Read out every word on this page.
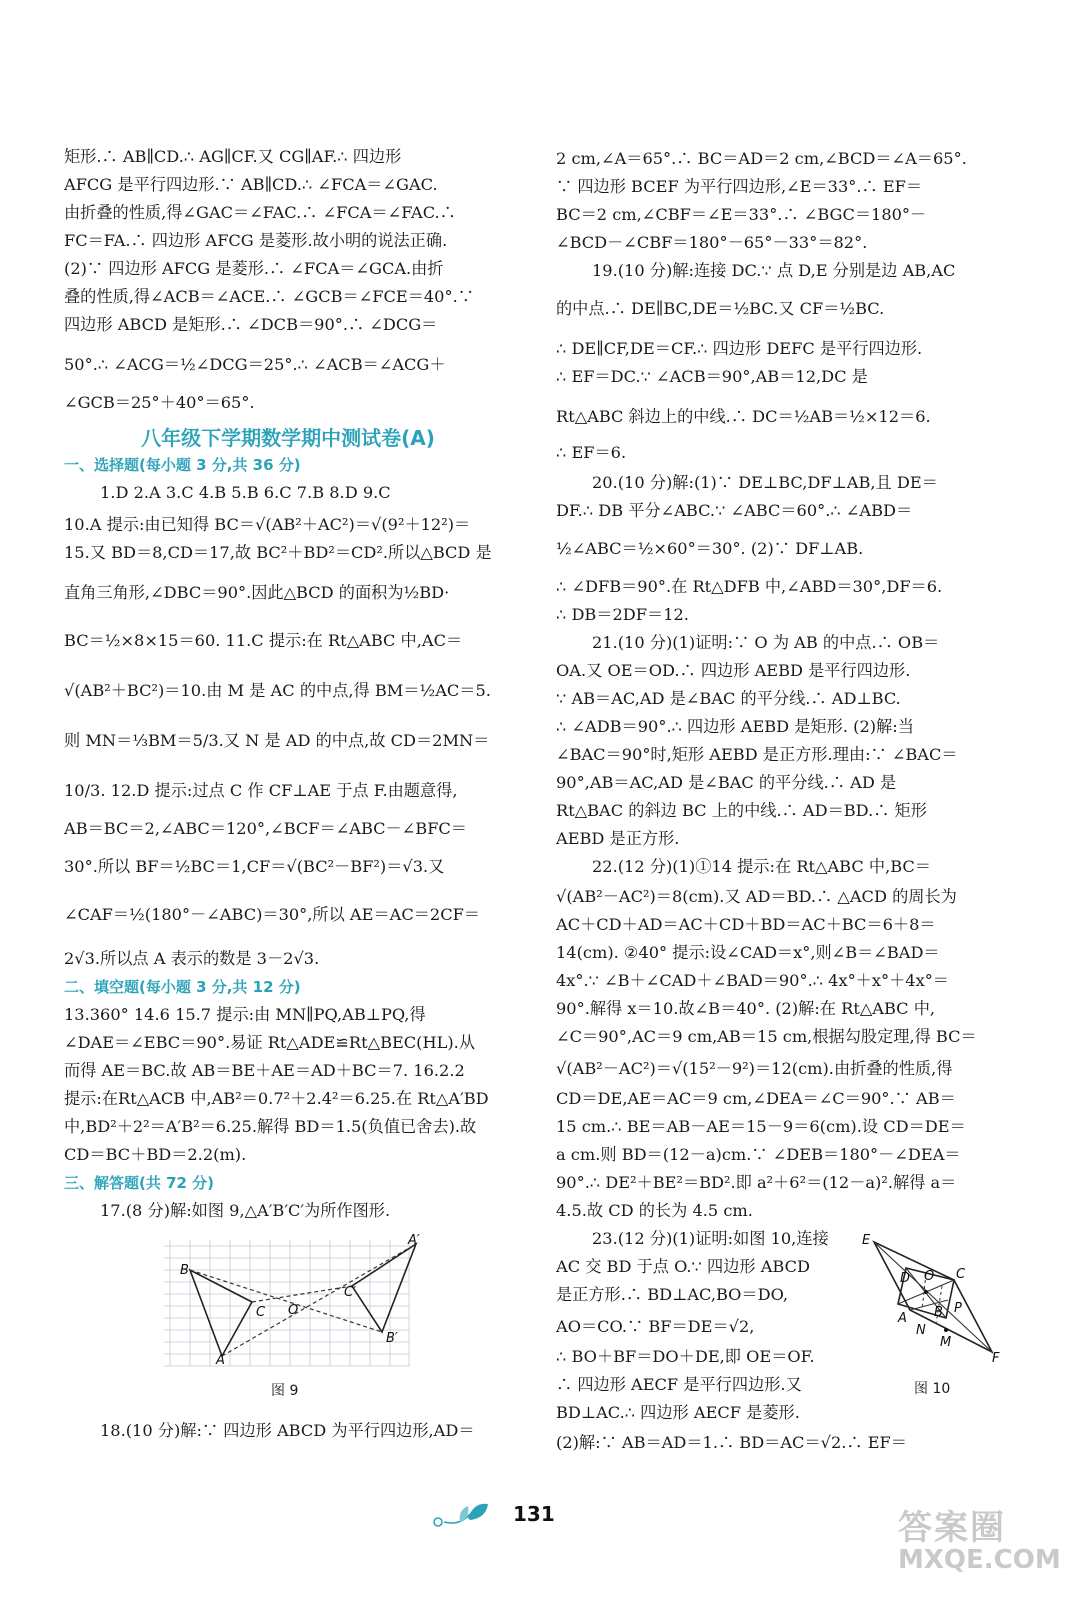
矩形.∴ AB∥CD.∴ AG∥CF.又 CG∥AF.∴ 四边形
AFCG 是平行四边形.∵ AB∥CD.∴ ∠FCA＝∠GAC.
由折叠的性质,得∠GAC＝∠FAC.∴ ∠FCA＝∠FAC.∴
FC＝FA.∴ 四边形 AFCG 是菱形.故小明的说法正确.
(2)∵ 四边形 AFCG 是菱形.∴ ∠FCA＝∠GCA.由折
叠的性质,得∠ACB＝∠ACE.∴ ∠GCB＝∠FCE＝40°.∵
四边形 ABCD 是矩形.∴ ∠DCB＝90°.∴ ∠DCG＝
50°.∴ ∠ACG＝½∠DCG＝25°.∴ ∠ACB＝∠ACG＋
∠GCB＝25°＋40°＝65°.
八年级下学期数学期中测试卷(A)
一、选择题(每小题 3 分,共 36 分)
1.D 2.A 3.C 4.B 5.B 6.C 7.B 8.D 9.C
10.A 提示:由已知得 BC＝√(AB²＋AC²)＝√(9²＋12²)＝
15.又 BD＝8,CD＝17,故 BC²＋BD²＝CD².所以△BCD 是
直角三角形,∠DBC＝90°.因此△BCD 的面积为½BD·
BC＝½×8×15＝60. 11.C 提示:在 Rt△ABC 中,AC＝
√(AB²＋BC²)＝10.由 M 是 AC 的中点,得 BM＝½AC＝5.
则 MN＝⅓BM＝5/3.又 N 是 AD 的中点,故 CD＝2MN＝
10/3. 12.D 提示:过点 C 作 CF⊥AE 于点 F.由题意得,
AB＝BC＝2,∠ABC＝120°,∠BCF＝∠ABC－∠BFC＝
30°.所以 BF＝½BC＝1,CF＝√(BC²－BF²)＝√3.又
∠CAF＝½(180°－∠ABC)＝30°,所以 AE＝AC＝2CF＝
2√3.所以点 A 表示的数是 3－2√3.
二、填空题(每小题 3 分,共 12 分)
13.360° 14.6 15.7 提示:由 MN∥PQ,AB⊥PQ,得
∠DAE＝∠EBC＝90°.易证 Rt△ADE≌Rt△BEC(HL).从
而得 AE＝BC.故 AB＝BE＋AE＝AD＋BC＝7. 16.2.2
提示:在Rt△ACB 中,AB²＝0.7²＋2.4²＝6.25.在 Rt△A′BD
中,BD²＋2²＝A′B²＝6.25.解得 BD＝1.5(负值已舍去).故
CD＝BC＋BD＝2.2(m).
三、解答题(共 72 分)
17.(8 分)解:如图 9,△A′B′C′为所作图形.
A′
B
C′
O
C
B′
A
图 9
18.(10 分)解:∵ 四边形 ABCD 为平行四边形,AD＝
2 cm,∠A＝65°.∴ BC＝AD＝2 cm,∠BCD＝∠A＝65°.
∵ 四边形 BCEF 为平行四边形,∠E＝33°.∴ EF＝
BC＝2 cm,∠CBF＝∠E＝33°.∴ ∠BGC＝180°－
∠BCD－∠CBF＝180°－65°－33°＝82°.
19.(10 分)解:连接 DC.∵ 点 D,E 分别是边 AB,AC
的中点.∴ DE∥BC,DE＝½BC.又 CF＝½BC.
∴ DE∥CF,DE＝CF.∴ 四边形 DEFC 是平行四边形.
∴ EF＝DC.∵ ∠ACB＝90°,AB＝12,DC 是
Rt△ABC 斜边上的中线.∴ DC＝½AB＝½×12＝6.
∴ EF＝6.
20.(10 分)解:(1)∵ DE⊥BC,DF⊥AB,且 DE＝
DF.∴ DB 平分∠ABC.∵ ∠ABC＝60°.∴ ∠ABD＝
½∠ABC＝½×60°＝30°. (2)∵ DF⊥AB.
∴ ∠DFB＝90°.在 Rt△DFB 中,∠ABD＝30°,DF＝6.
∴ DB＝2DF＝12.
21.(10 分)(1)证明:∵ O 为 AB 的中点.∴ OB＝
OA.又 OE＝OD.∴ 四边形 AEBD 是平行四边形.
∵ AB＝AC,AD 是∠BAC 的平分线.∴ AD⊥BC.
∴ ∠ADB＝90°.∴ 四边形 AEBD 是矩形. (2)解:当
∠BAC＝90°时,矩形 AEBD 是正方形.理由:∵ ∠BAC＝
90°,AB＝AC,AD 是∠BAC 的平分线.∴ AD 是
Rt△BAC 的斜边 BC 上的中线.∴ AD＝BD.∴ 矩形
AEBD 是正方形.
22.(12 分)(1)①14 提示:在 Rt△ABC 中,BC＝
√(AB²－AC²)＝8(cm).又 AD＝BD.∴ △ACD 的周长为
AC＋CD＋AD＝AC＋CD＋BD＝AC＋BC＝6＋8＝
14(cm). ②40° 提示:设∠CAD＝x°,则∠B＝∠BAD＝
4x°.∵ ∠B＋∠CAD＋∠BAD＝90°.∴ 4x°＋x°＋4x°＝
90°.解得 x＝10.故∠B＝40°. (2)解:在 Rt△ABC 中,
∠C＝90°,AC＝9 cm,AB＝15 cm,根据勾股定理,得 BC＝
√(AB²－AC²)＝√(15²－9²)＝12(cm).由折叠的性质,得
CD＝DE,AE＝AC＝9 cm,∠DEA＝∠C＝90°.∵ AB＝
15 cm.∴ BE＝AB－AE＝15－9＝6(cm).设 CD＝DE＝
a cm.则 BD＝(12－a)cm.∵ ∠DEB＝180°－∠DEA＝
90°.∴ DE²＋BE²＝BD².即 a²＋6²＝(12－a)².解得 a＝
4.5.故 CD 的长为 4.5 cm.
23.(12 分)(1)证明:如图 10,连接
AC 交 BD 于点 O.∵ 四边形 ABCD
是正方形.∴ BD⊥AC,BO＝DO,
AO＝CO.∵ BF＝DE＝√2,
∴ BO＋BF＝DO＋DE,即 OE＝OF.
∴ 四边形 AECF 是平行四边形.又
BD⊥AC.∴ 四边形 AECF 是菱形.
(2)解:∵ AB＝AD＝1.∴ BD＝AC＝√2.∴ EF＝
E
D O C
P
A B
N
M
F
图 10
131	答案圈
MXQE.COM
